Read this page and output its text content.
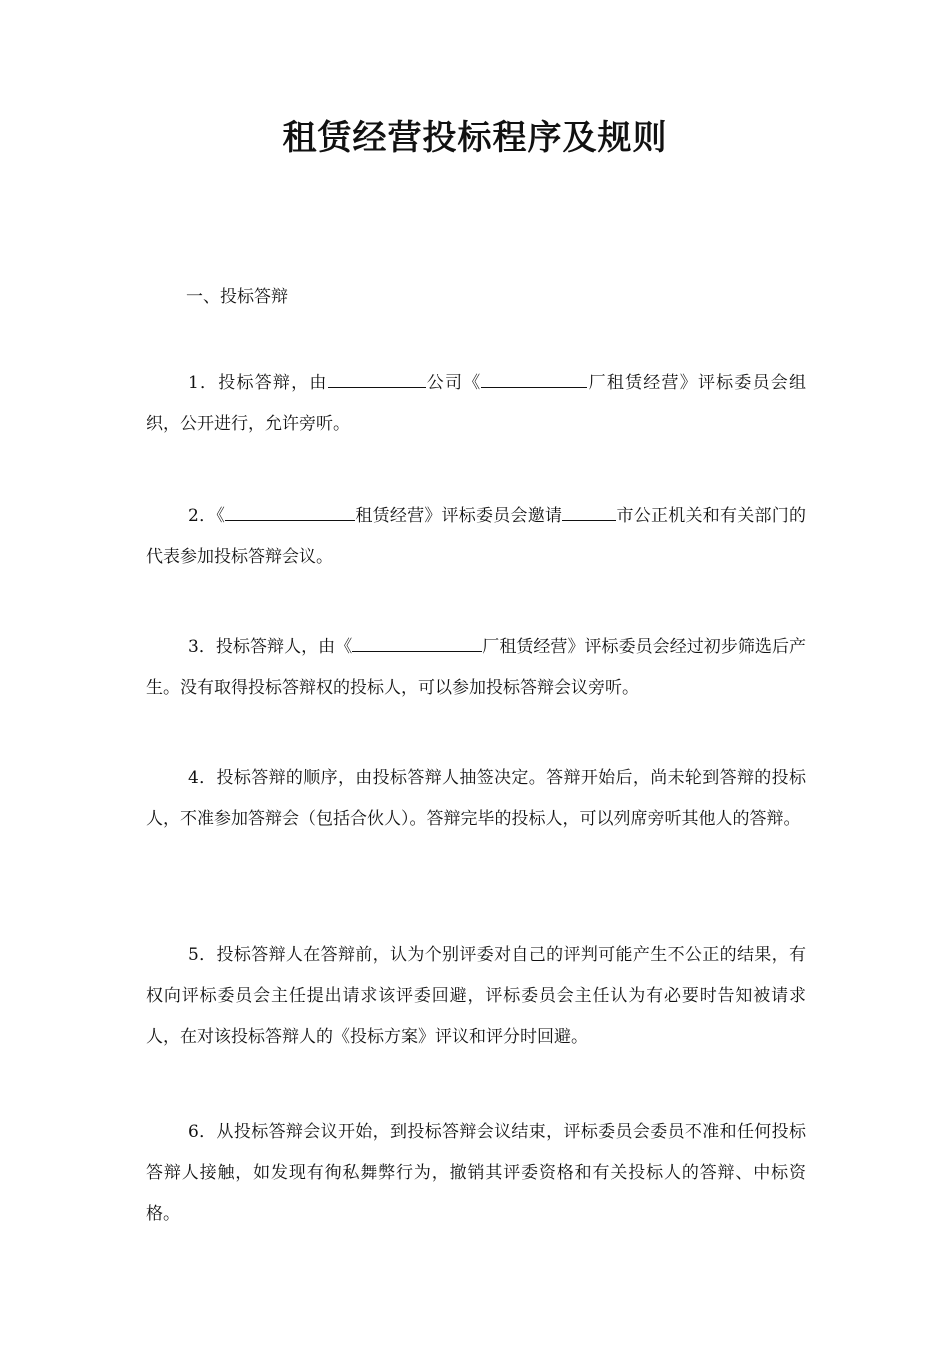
租赁经营投标程序及规则

一、投标答辩

1．投标答辩，由	公司《	厂租赁经营》评标委员会组织，公开进行，允许旁听。

2．《	租赁经营》评标委员会邀请	市公正机关和有关部门的代表参加投标答辩会议。

3．投标答辩人，由《	厂租赁经营》评标委员会经过初步筛选后产生。没有取得投标答辩权的投标人，可以参加投标答辩会议旁听。

4．投标答辩的顺序，由投标答辩人抽签决定。答辩开始后，尚未轮到答辩的投标人，不准参加答辩会（包括合伙人）。答辩完毕的投标人，可以列席旁听其他人的答辩。

5．投标答辩人在答辩前，认为个别评委对自己的评判可能产生不公正的结果，有权向评标委员会主任提出请求该评委回避，评标委员会主任认为有必要时告知被请求人，在对该投标答辩人的《投标方案》评议和评分时回避。

6．从投标答辩会议开始，到投标答辩会议结束，评标委员会委员不准和任何投标答辩人接触，如发现有徇私舞弊行为，撤销其评委资格和有关投标人的答辩、中标资格。
